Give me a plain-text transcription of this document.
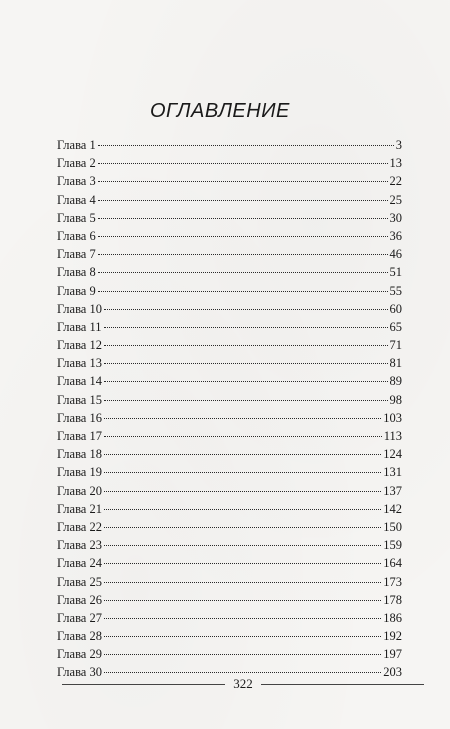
ОГЛАВЛЕНИЕ
Глава 1	3
Глава 2	13
Глава 3	22
Глава 4	25
Глава 5	30
Глава 6	36
Глава 7	46
Глава 8	51
Глава 9	55
Глава 10	60
Глава 11	65
Глава 12	71
Глава 13	81
Глава 14	89
Глава 15	98
Глава 16	103
Глава 17	113
Глава 18	124
Глава 19	131
Глава 20	137
Глава 21	142
Глава 22	150
Глава 23	159
Глава 24	164
Глава 25	173
Глава 26	178
Глава 27	186
Глава 28	192
Глава 29	197
Глава 30	203
322
